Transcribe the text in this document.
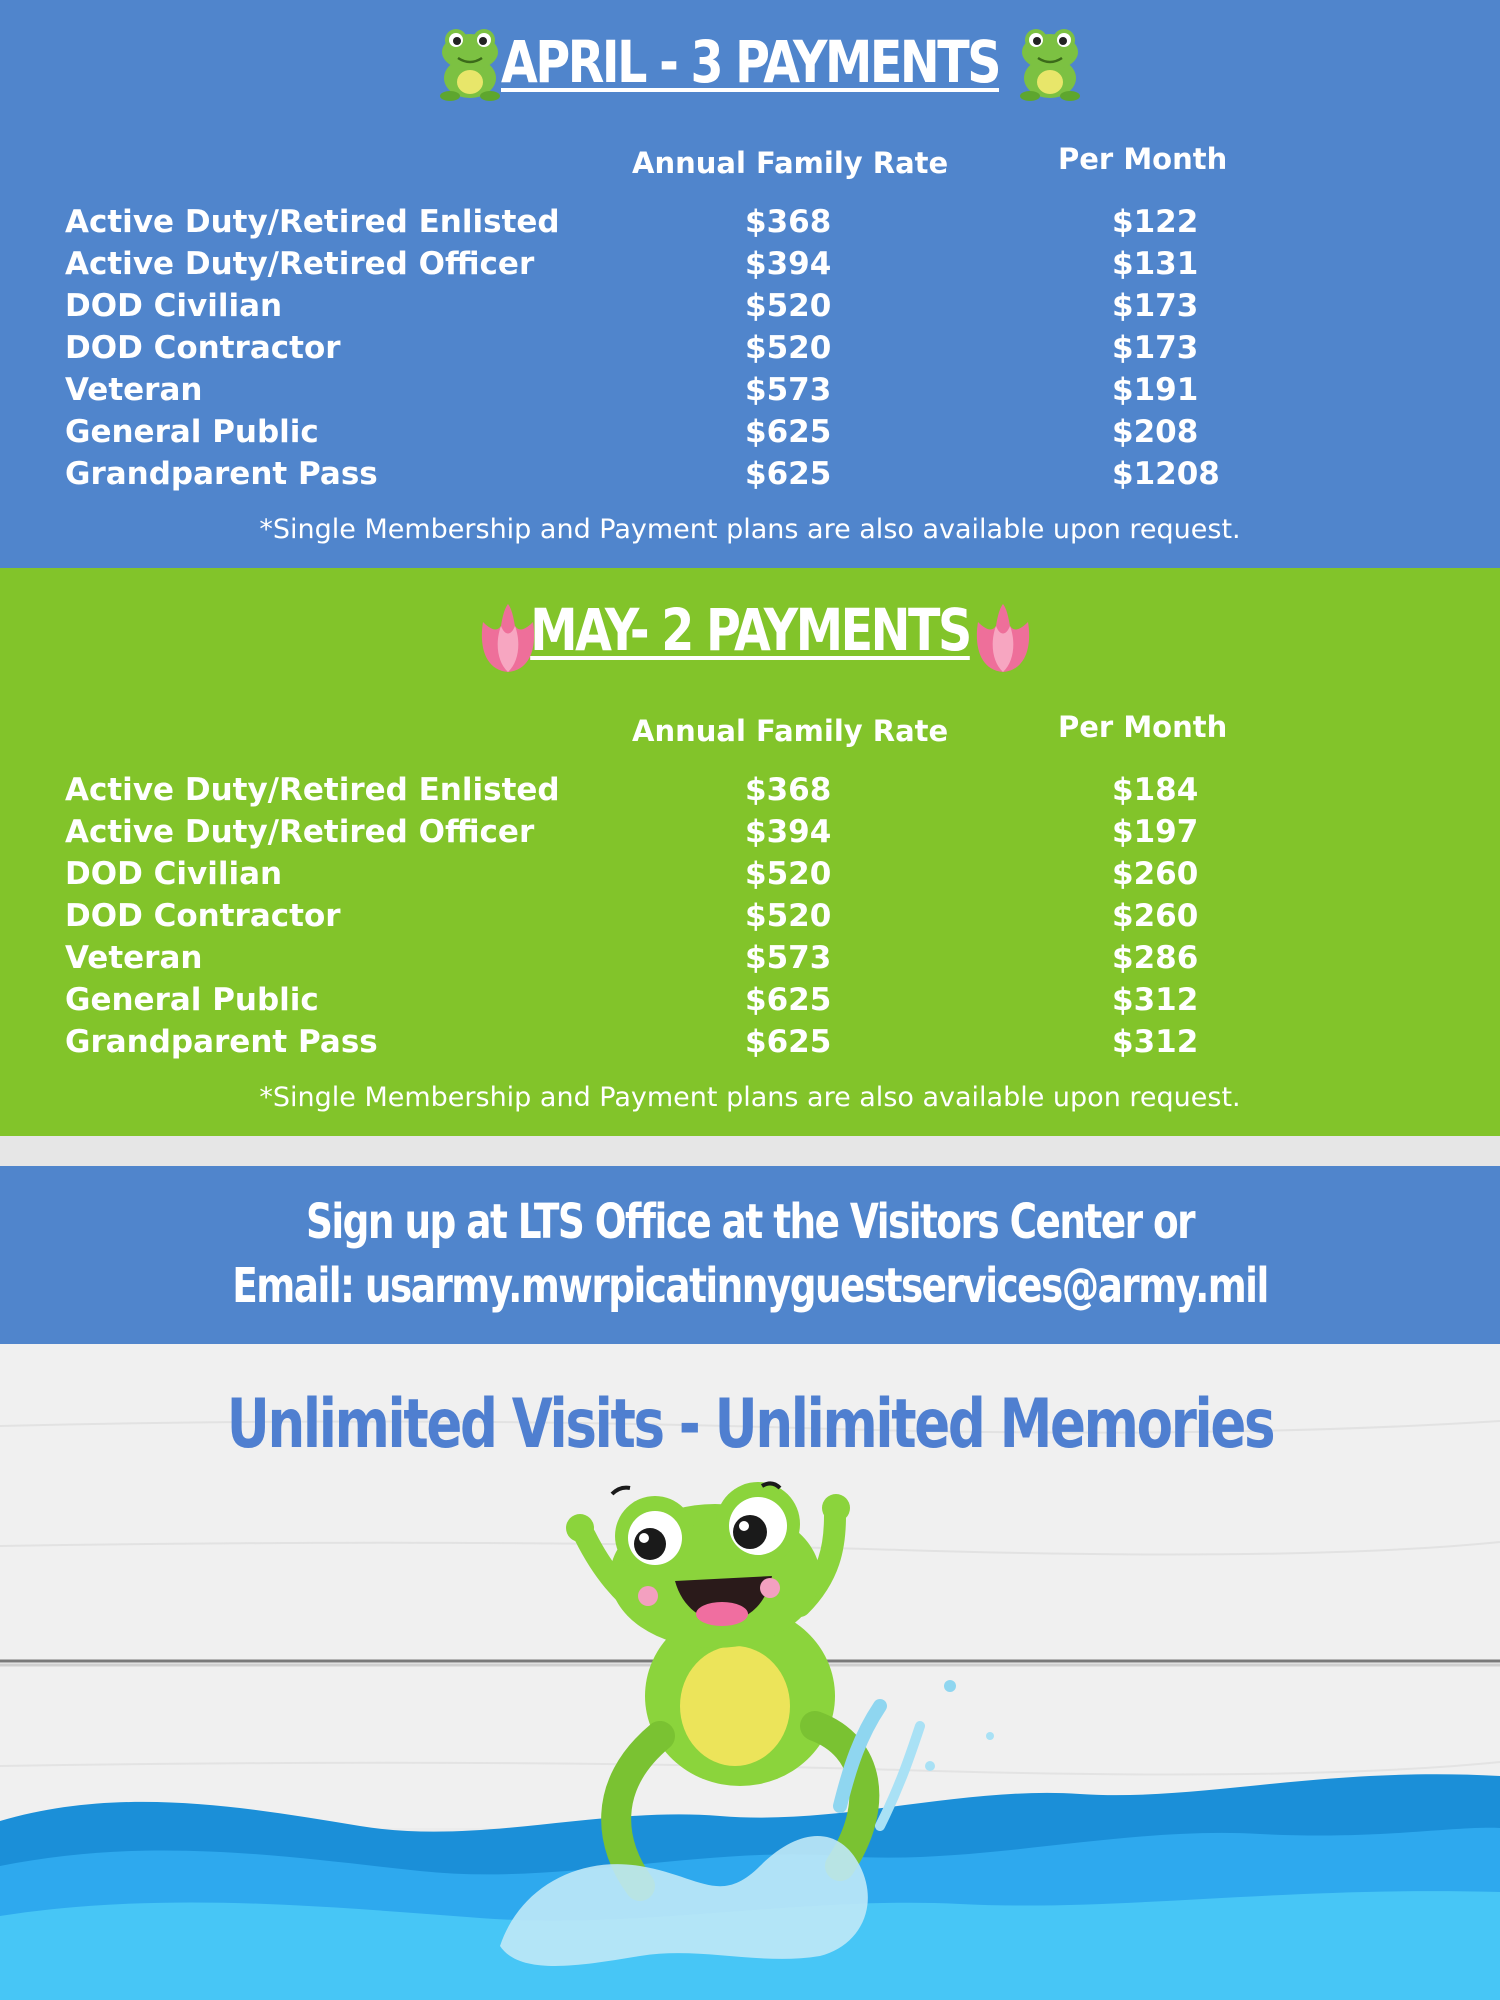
APRIL - 3 PAYMENTS
Annual Family Rate	Per Month
Active Duty/Retired Enlisted	$368	$122
Active Duty/Retired Officer	$394	$131
DOD Civilian	$520	$173
DOD Contractor	$520	$173
Veteran	$573	$191
General Public	$625	$208
Grandparent Pass	$625	$1208
*Single Membership and Payment plans are also available upon request.
MAY- 2 PAYMENTS
Annual Family Rate	Per Month
Active Duty/Retired Enlisted	$368	$184
Active Duty/Retired Officer	$394	$197
DOD Civilian	$520	$260
DOD Contractor	$520	$260
Veteran	$573	$286
General Public	$625	$312
Grandparent Pass	$625	$312
*Single Membership and Payment plans are also available upon request.
Sign up at LTS Office at the Visitors Center or
Email: usarmy.mwrpicatinnyguestservices@army.mil
Unlimited Visits - Unlimited Memories
